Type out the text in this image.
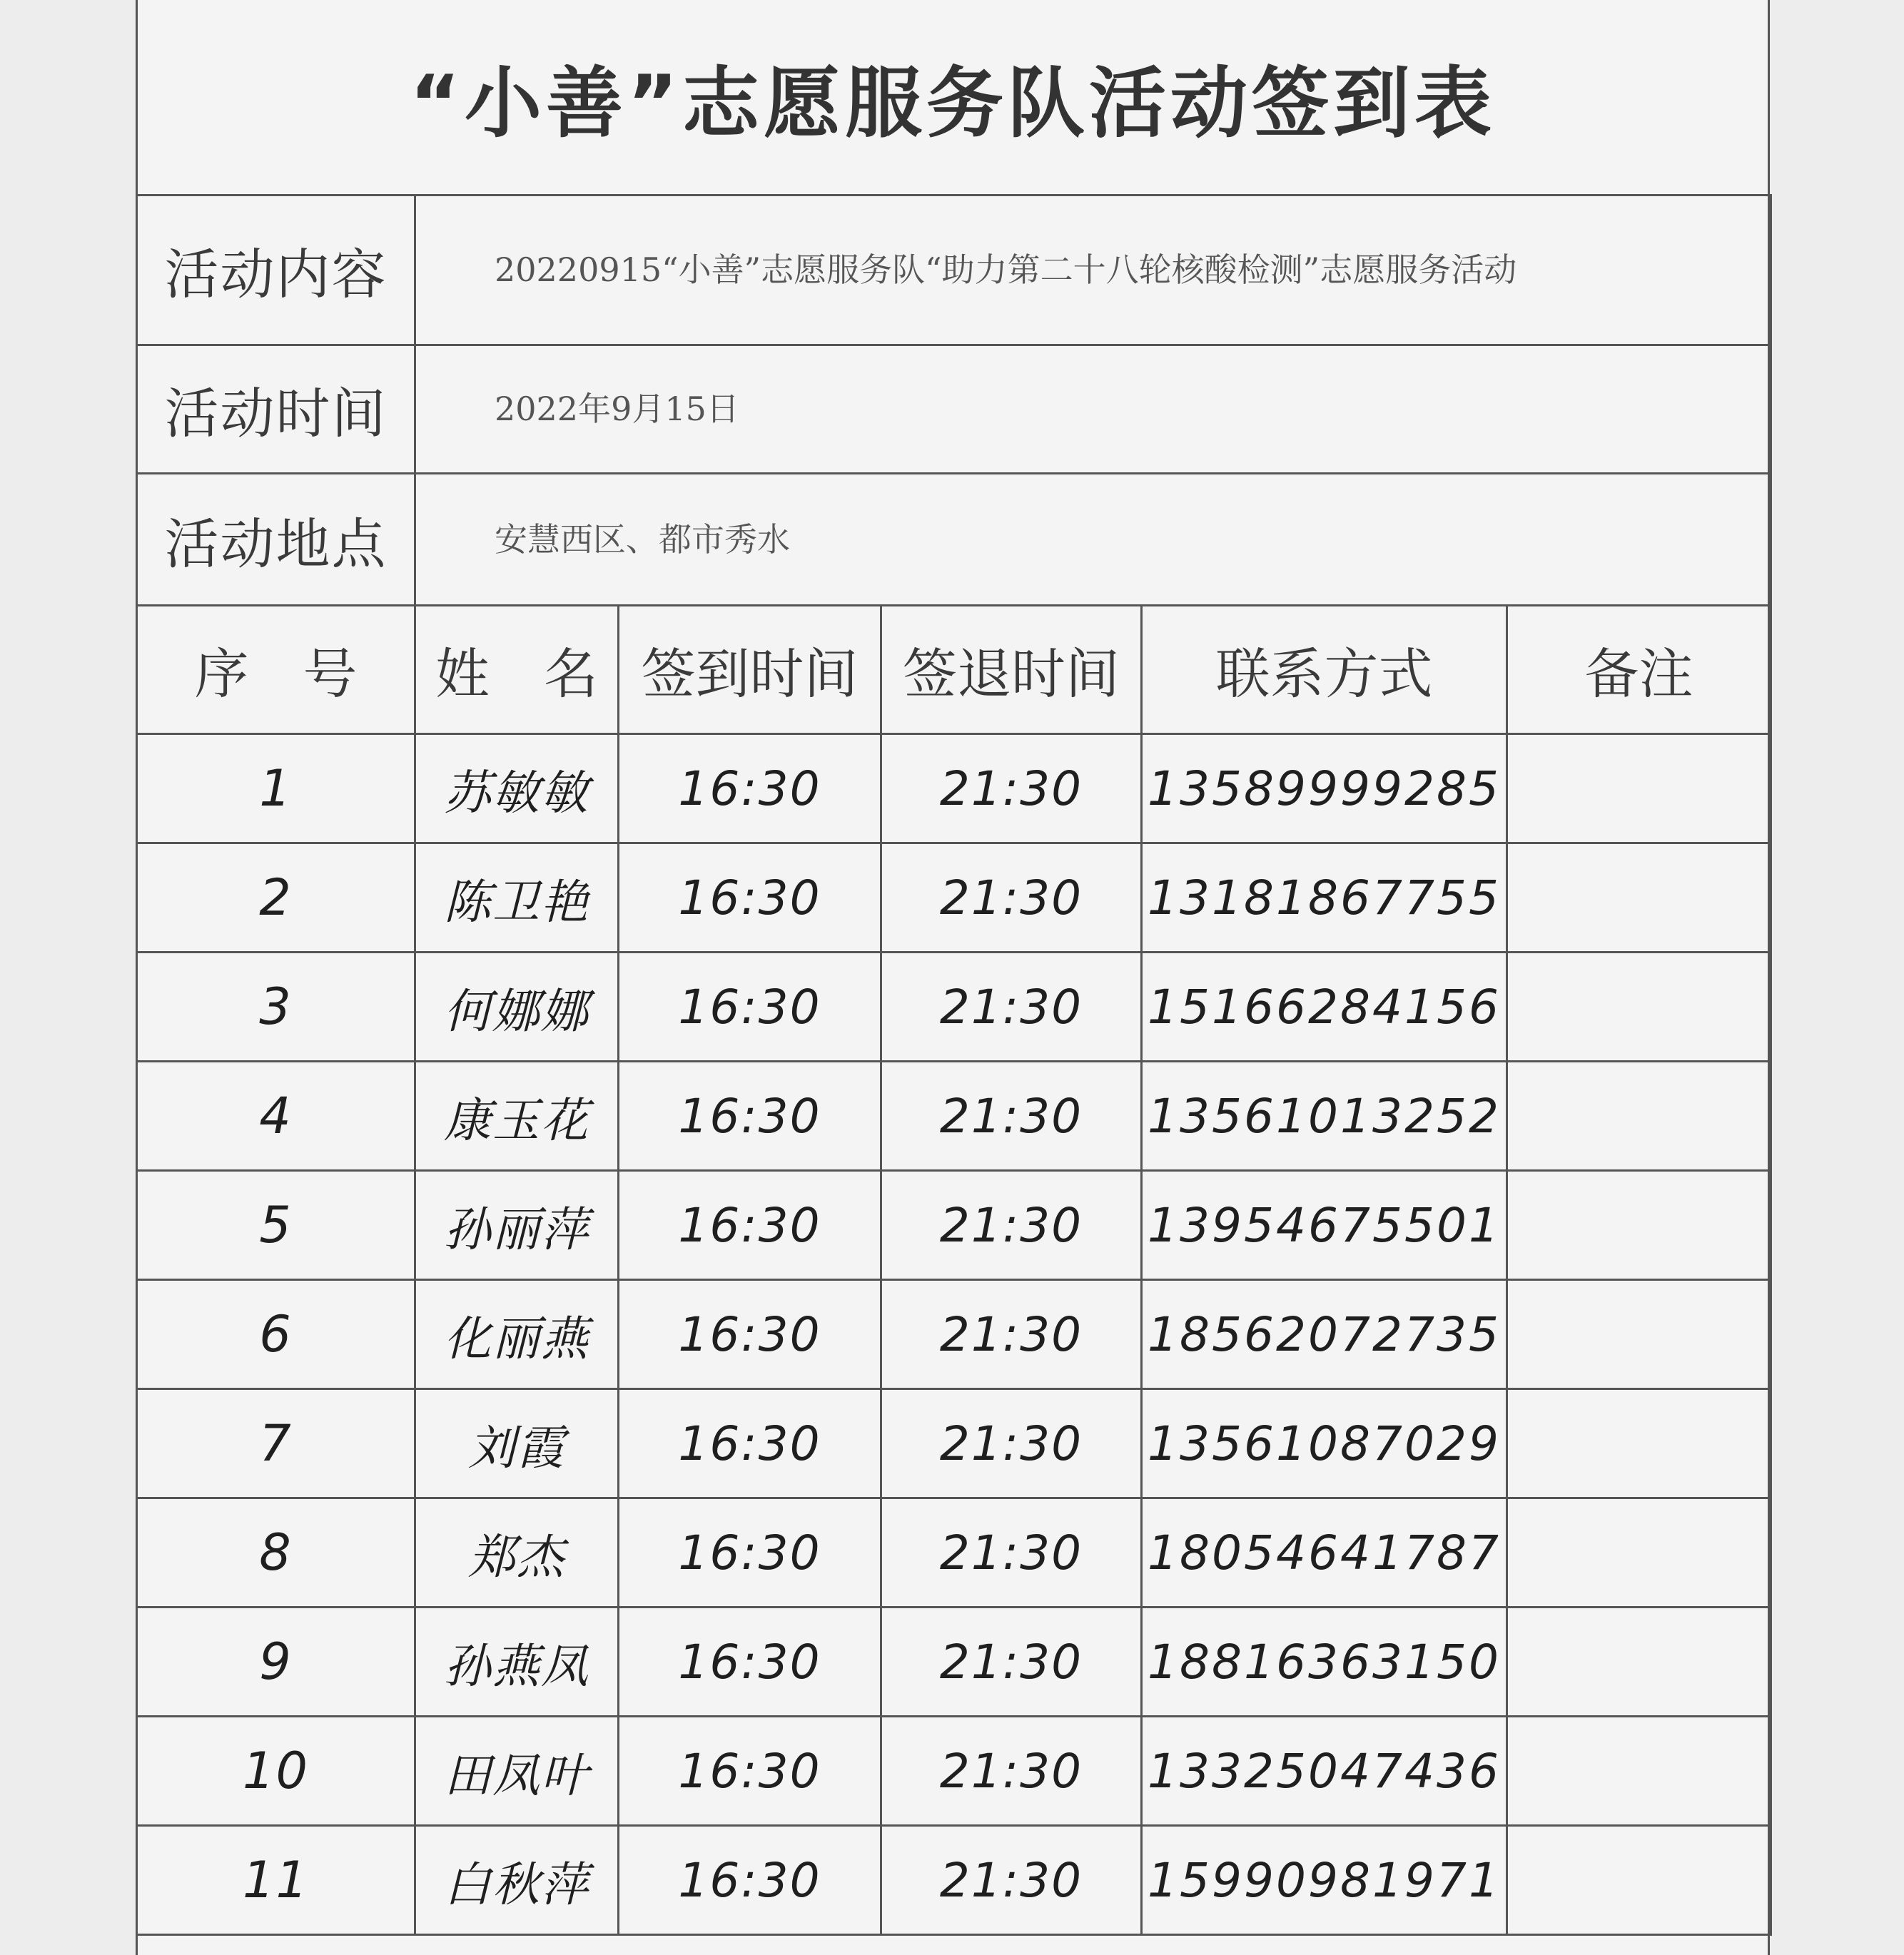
“小善”志愿服务队活动签到表
活动内容	20220915“小善”志愿服务队“助力第二十八轮核酸检测”志愿服务活动				
活动时间	2022年9月15日				
活动地点	安慧西区、都市秀水				
序　号	姓　名	签到时间	签退时间	联系方式	备注
1	苏敏敏	16:30	21:30	13589999285	
2	陈卫艳	16:30	21:30	13181867755	
3	何娜娜	16:30	21:30	15166284156	
4	康玉花	16:30	21:30	13561013252	
5	孙丽萍	16:30	21:30	13954675501	
6	化丽燕	16:30	21:30	18562072735	
7	刘霞	16:30	21:30	13561087029	
8	郑杰	16:30	21:30	18054641787	
9	孙燕凤	16:30	21:30	18816363150	
10	田凤叶	16:30	21:30	13325047436	
11	白秋萍	16:30	21:30	15990981971	
